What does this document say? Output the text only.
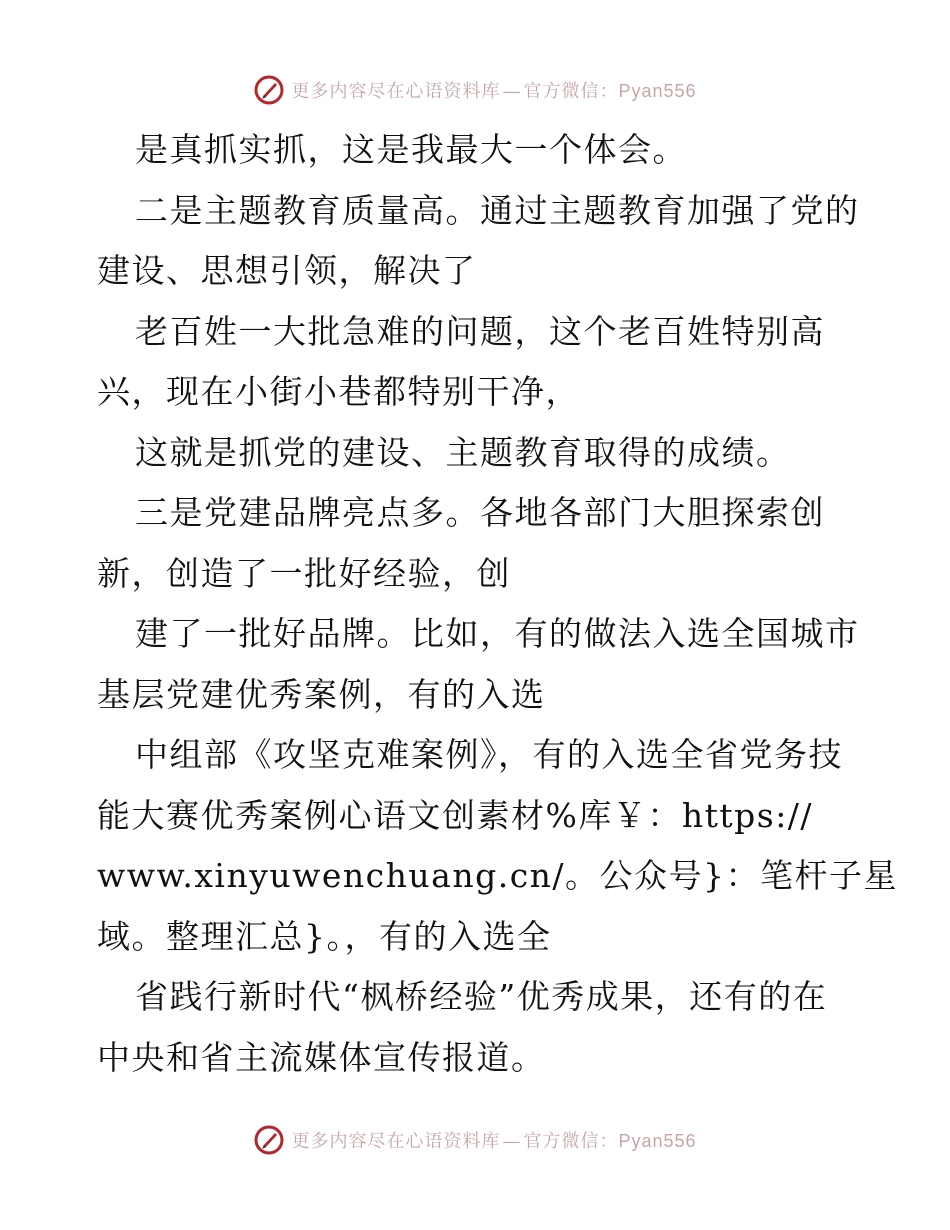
更多内容尽在心语资料库 — 官方微信：Pyan556
是真抓实抓，这是我最大一个体会。
二是主题教育质量高。通过主题教育加强了党的
建设、思想引领，解决了
老百姓一大批急难的问题，这个老百姓特别高
兴，现在小街小巷都特别干净，
这就是抓党的建设、主题教育取得的成绩。
三是党建品牌亮点多。各地各部门大胆探索创
新，创造了一批好经验，创
建了一批好品牌。比如，有的做法入选全国城市
基层党建优秀案例，有的入选
中组部《攻坚克难案例》，有的入选全省党务技
能大赛优秀案例心语文创素材%库￥：https://
www.xinyuwenchuang.cn/。公众号}：笔杆子星
域。整理汇总}。，有的入选全
省践行新时代“枫桥经验”优秀成果，还有的在
中央和省主流媒体宣传报道。
更多内容尽在心语资料库 — 官方微信：Pyan556
